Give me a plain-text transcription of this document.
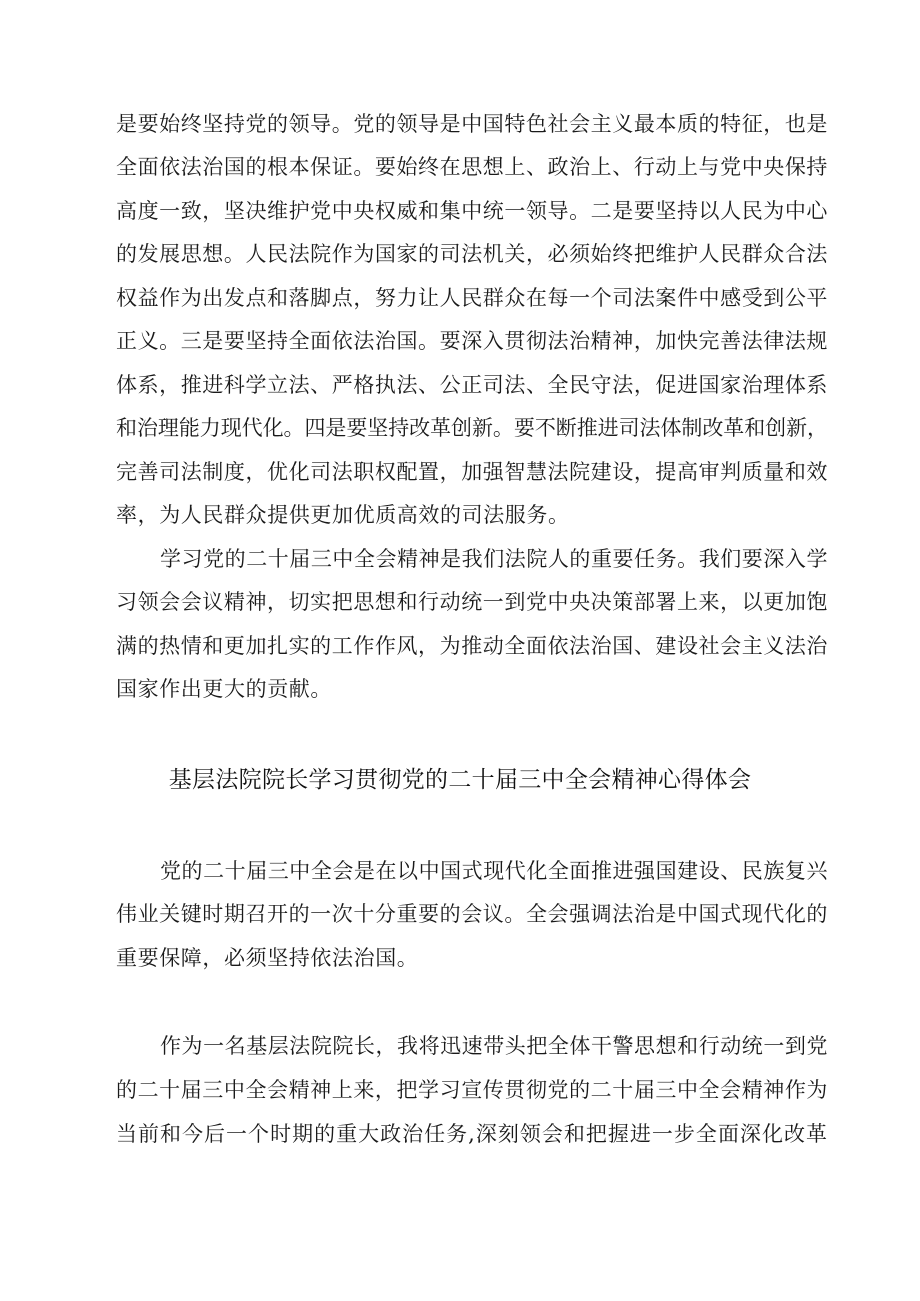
是要始终坚持党的领导。党的领导是中国特色社会主义最本质的特征，也是
全面依法治国的根本保证。要始终在思想上、政治上、行动上与党中央保持
高度一致，坚决维护党中央权威和集中统一领导。二是要坚持以人民为中心
的发展思想。人民法院作为国家的司法机关，必须始终把维护人民群众合法
权益作为出发点和落脚点，努力让人民群众在每一个司法案件中感受到公平
正义。三是要坚持全面依法治国。要深入贯彻法治精神，加快完善法律法规
体系，推进科学立法、严格执法、公正司法、全民守法，促进国家治理体系
和治理能力现代化。四是要坚持改革创新。要不断推进司法体制改革和创新，
完善司法制度，优化司法职权配置，加强智慧法院建设，提高审判质量和效
率，为人民群众提供更加优质高效的司法服务。
学习党的二十届三中全会精神是我们法院人的重要任务。我们要深入学
习领会会议精神，切实把思想和行动统一到党中央决策部署上来，以更加饱
满的热情和更加扎实的工作作风，为推动全面依法治国、建设社会主义法治
国家作出更大的贡献。
基层法院院长学习贯彻党的二十届三中全会精神心得体会
党的二十届三中全会是在以中国式现代化全面推进强国建设、民族复兴
伟业关键时期召开的一次十分重要的会议。全会强调法治是中国式现代化的
重要保障，必须坚持依法治国。
作为一名基层法院院长，我将迅速带头把全体干警思想和行动统一到党
的二十届三中全会精神上来，把学习宣传贯彻党的二十届三中全会精神作为
当前和今后一个时期的重大政治任务,深刻领会和把握进一步全面深化改革
